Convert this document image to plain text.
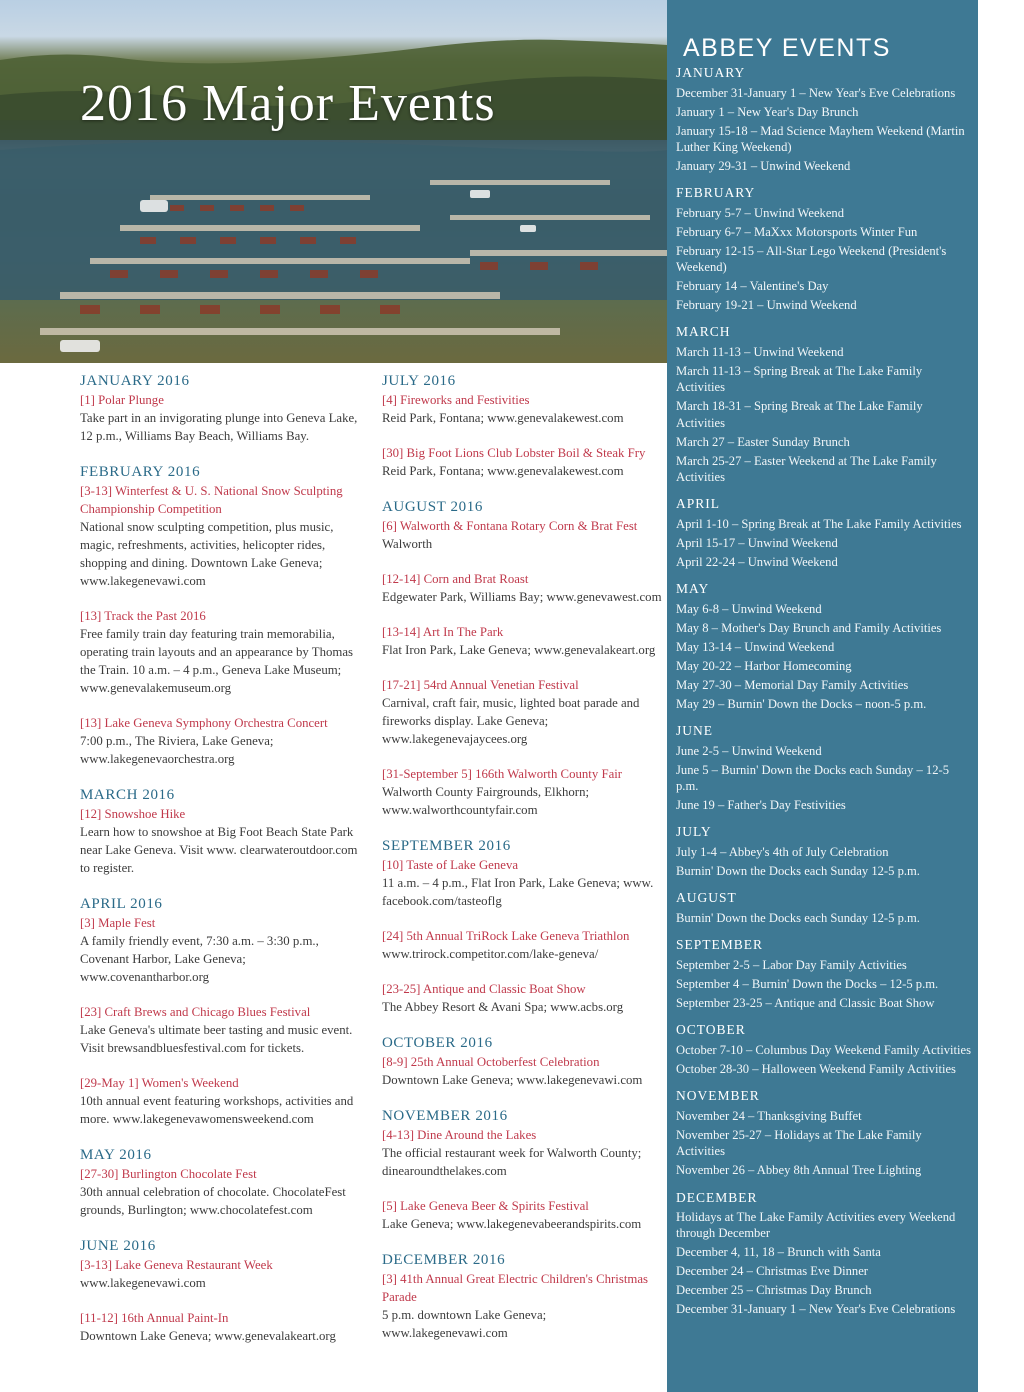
2016 Major Events
JANUARY 2016
[1] Polar Plunge
Take part in an invigorating plunge into Geneva Lake, 12 p.m., Williams Bay Beach, Williams Bay.
FEBRUARY 2016
[3-13] Winterfest & U. S. National Snow Sculpting Championship Competition
National snow sculpting competition, plus music, magic, refreshments, activities, helicopter rides, shopping and dining. Downtown Lake Geneva; www.lakegenevawi.com
[13] Track the Past 2016
Free family train day featuring train memorabilia, operating train layouts and an appearance by Thomas the Train. 10 a.m. – 4 p.m., Geneva Lake Museum; www.genevalakemuseum.org
[13] Lake Geneva Symphony Orchestra Concert
7:00 p.m., The Riviera, Lake Geneva; www.lakegenevaorchestra.org
MARCH 2016
[12] Snowshoe Hike
Learn how to snowshoe at Big Foot Beach State Park near Lake Geneva. Visit www. clearwateroutdoor.com to register.
APRIL 2016
[3] Maple Fest
A family friendly event, 7:30 a.m. – 3:30 p.m., Covenant Harbor, Lake Geneva; www.covenantharbor.org
[23] Craft Brews and Chicago Blues Festival
Lake Geneva's ultimate beer tasting and music event. Visit brewsandbluesfestival.com for tickets.
[29-May 1] Women's Weekend
10th annual event featuring workshops, activities and more. www.lakegenevawomensweekend.com
MAY 2016
[27-30] Burlington Chocolate Fest
30th annual celebration of chocolate. ChocolateFest grounds, Burlington; www.chocolatefest.com
JUNE 2016
[3-13] Lake Geneva Restaurant Week
www.lakegenevawi.com
[11-12] 16th Annual Paint-In
Downtown Lake Geneva; www.genevalakeart.org
JULY 2016
[4] Fireworks and Festivities
Reid Park, Fontana; www.genevalakewest.com
[30] Big Foot Lions Club Lobster Boil & Steak Fry
Reid Park, Fontana; www.genevalakewest.com
AUGUST 2016
[6] Walworth & Fontana Rotary Corn & Brat Fest
Walworth
[12-14] Corn and Brat Roast
Edgewater Park, Williams Bay; www.genevawest.com
[13-14] Art In The Park
Flat Iron Park, Lake Geneva; www.genevalakeart.org
[17-21] 54rd Annual Venetian Festival
Carnival, craft fair, music, lighted boat parade and fireworks display. Lake Geneva; www.lakegenevajaycees.org
[31-September 5] 166th Walworth County Fair
Walworth County Fairgrounds, Elkhorn; www.walworthcountyfair.com
SEPTEMBER 2016
[10] Taste of Lake Geneva
11 a.m. – 4 p.m., Flat Iron Park, Lake Geneva; www. facebook.com/tasteoflg
[24] 5th Annual TriRock Lake Geneva Triathlon
www.trirock.competitor.com/lake-geneva/
[23-25] Antique and Classic Boat Show
The Abbey Resort & Avani Spa; www.acbs.org
OCTOBER 2016
[8-9] 25th Annual Octoberfest Celebration
Downtown Lake Geneva; www.lakegenevawi.com
NOVEMBER 2016
[4-13] Dine Around the Lakes
The official restaurant week for Walworth County; dinearoundthelakes.com
[5] Lake Geneva Beer & Spirits Festival
Lake Geneva; www.lakegenevabeerandspirits.com
DECEMBER 2016
[3] 41th Annual Great Electric Children's Christmas Parade
5 p.m. downtown Lake Geneva; www.lakegenevawi.com
ABBEY EVENTS
JANUARY
December 31-January 1 – New Year's Eve Celebrations
January 1 – New Year's Day Brunch
January 15-18 – Mad Science Mayhem Weekend (Martin Luther King Weekend)
January 29-31 – Unwind Weekend
FEBRUARY
February 5-7 – Unwind Weekend
February 6-7 – MaXxx Motorsports Winter Fun
February 12-15 – All-Star Lego Weekend (President's Weekend)
February 14 – Valentine's Day
February 19-21 – Unwind Weekend
MARCH
March 11-13 – Unwind Weekend
March 11-13 – Spring Break at The Lake Family Activities
March 18-31 – Spring Break at The Lake Family Activities
March 27 – Easter Sunday Brunch
March 25-27 – Easter Weekend at The Lake Family Activities
APRIL
April 1-10 – Spring Break at The Lake Family Activities
April 15-17 – Unwind Weekend
April 22-24 – Unwind Weekend
MAY
May 6-8 – Unwind Weekend
May 8 – Mother's Day Brunch and Family Activities
May 13-14 – Unwind Weekend
May 20-22 – Harbor Homecoming
May 27-30 – Memorial Day Family Activities
May 29 – Burnin' Down the Docks – noon-5 p.m.
JUNE
June 2-5 – Unwind Weekend
June 5 – Burnin' Down the Docks each Sunday – 12-5 p.m.
June 19 – Father's Day Festivities
JULY
July 1-4 – Abbey's 4th of July Celebration
Burnin' Down the Docks each Sunday 12-5 p.m.
AUGUST
Burnin' Down the Docks each Sunday 12-5 p.m.
SEPTEMBER
September 2-5 – Labor Day Family Activities
September 4 – Burnin' Down the Docks – 12-5 p.m.
September 23-25 – Antique and Classic Boat Show
OCTOBER
October 7-10 – Columbus Day Weekend Family Activities
October 28-30 – Halloween Weekend Family Activities
NOVEMBER
November 24 – Thanksgiving Buffet
November 25-27 – Holidays at The Lake Family Activities
November 26 – Abbey 8th Annual Tree Lighting
DECEMBER
Holidays at The Lake Family Activities every Weekend through December
December 4, 11, 18 – Brunch with Santa
December 24 – Christmas Eve Dinner
December 25 – Christmas Day Brunch
December 31-January 1 – New Year's Eve Celebrations
